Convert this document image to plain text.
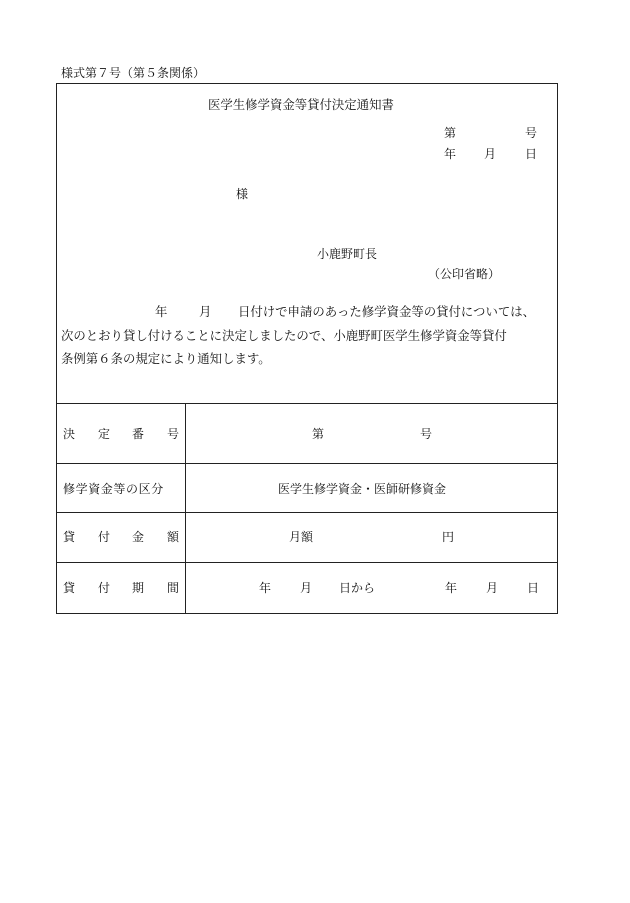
様式第７号（第５条関係）
医学生修学資金等貸付決定通知書
第	号
年 月 日
様
小鹿野町長
（公印省略）
年	月 日付けで申請のあった修学資金等の貸付については、
次のとおり貸し付けることに決定しましたので、小鹿野町医学生修学資金等貸付
条例第６条の規定により通知します。
決 定 番 号	第	号
修学資金等の区分	医学生修学資金・医師研修資金
貸 付 金 額	月額	円
貸 付 期 間	年 月 日から	年 月 日
